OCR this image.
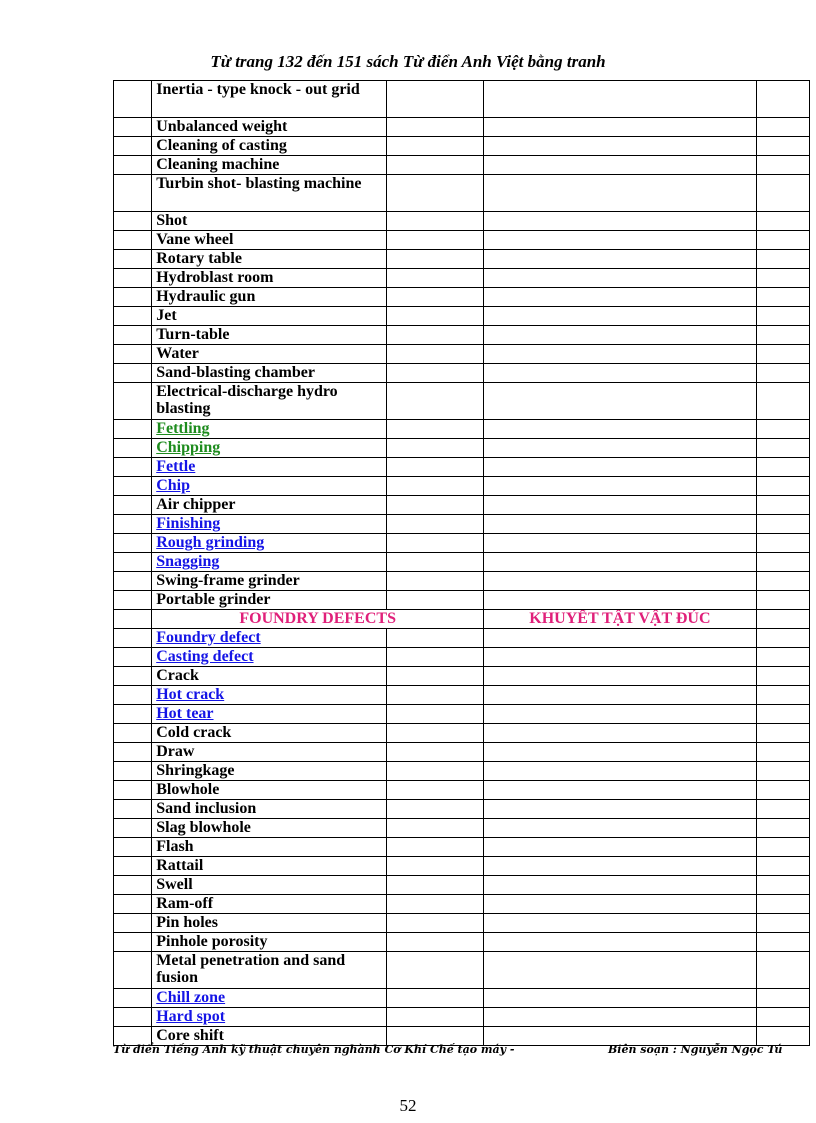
Từ trang 132 đến 151 sách Từ điển Anh Việt bằng tranh
	Inertia - type knock - out grid			
	Unbalanced weight			
	Cleaning of casting			
	Cleaning machine			
	Turbin shot- blasting machine			
	Shot			
	Vane wheel			
	Rotary table			
	Hydroblast room			
	Hydraulic gun			
	Jet			
	Turn-table			
	Water			
	Sand-blasting chamber			
	Electrical-discharge hydro blasting			
	Fettling			
	Chipping			
	Fettle			
	Chip			
	Air chipper			
	Finishing			
	Rough grinding			
	Snagging			
	Swing-frame grinder			
	Portable grinder			
	FOUNDRY DEFECTS		KHUYẾT TẬT VẬT ĐÚC	
	Foundry defect			
	Casting defect			
	Crack			
	Hot crack			
	Hot tear			
	Cold crack			
	Draw			
	Shringkage			
	Blowhole			
	Sand inclusion			
	Slag blowhole			
	Flash			
	Rattail			
	Swell			
	Ram-off			
	Pin holes			
	Pinhole porosity			
	Metal penetration and sand fusion			
	Chill zone			
	Hard spot			
	Core shift			
Từ điển Tiếng Anh kỹ thuật chuyên nghành Cơ Khí Chế tạo máy -	Biên soạn : Nguyễn Ngọc Tú
52
